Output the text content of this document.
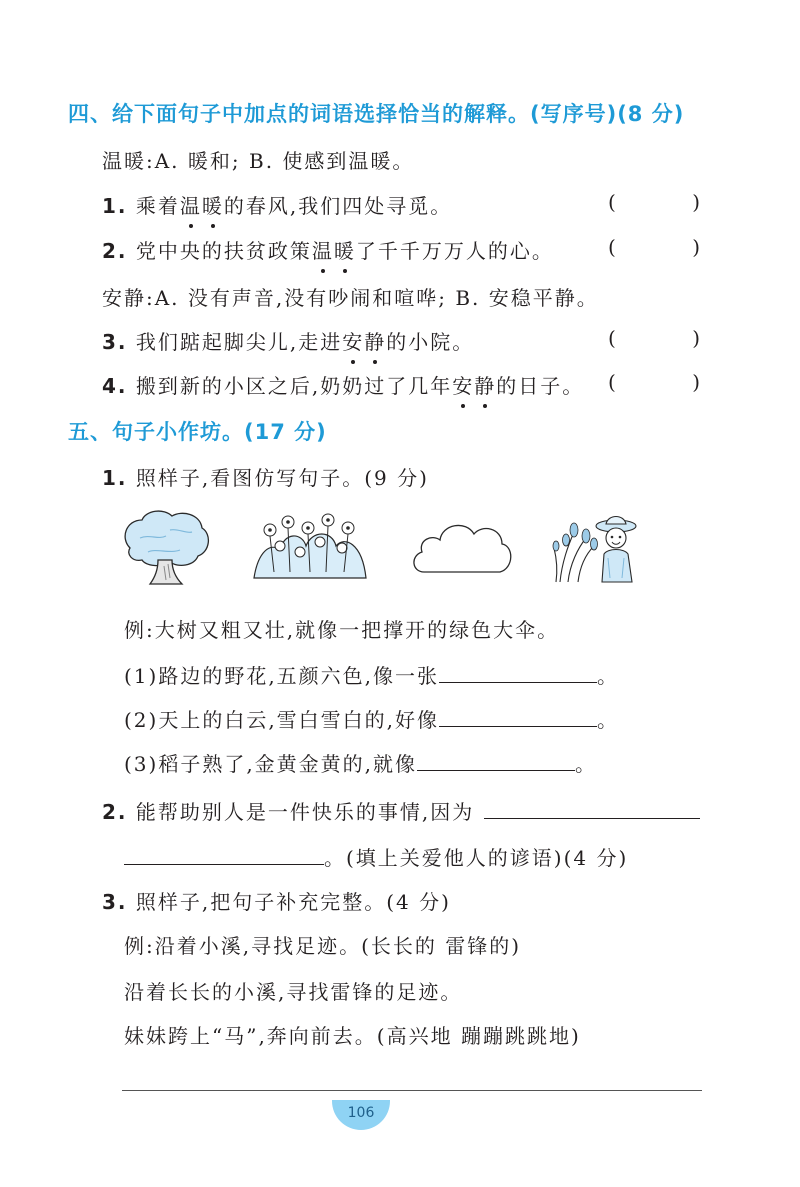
四、给下面句子中加点的词语选择恰当的解释。(写序号)(8 分)
温暖:A. 暖和; B. 使感到温暖。
1. 乘着温暖的春风,我们四处寻觅。	(	)
2. 党中央的扶贫政策温暖了千千万万人的心。	(	)
安静:A. 没有声音,没有吵闹和喧哗; B. 安稳平静。
3. 我们踮起脚尖儿,走进安静的小院。	(	)
4. 搬到新的小区之后,奶奶过了几年安静的日子。 (	)
五、句子小作坊。(17 分)
1. 照样子,看图仿写句子。(9 分)
例:大树又粗又壮,就像一把撑开的绿色大伞。
(1)路边的野花,五颜六色,像一张	。
(2)天上的白云,雪白雪白的,好像	。
(3)稻子熟了,金黄金黄的,就像	。
2. 能帮助别人是一件快乐的事情,因为
。(填上关爱他人的谚语)(4 分)
3. 照样子,把句子补充完整。(4 分)
例:沿着小溪,寻找足迹。(长长的 雷锋的)
沿着长长的小溪,寻找雷锋的足迹。
妹妹跨上“马”,奔向前去。(高兴地 蹦蹦跳跳地)
106
